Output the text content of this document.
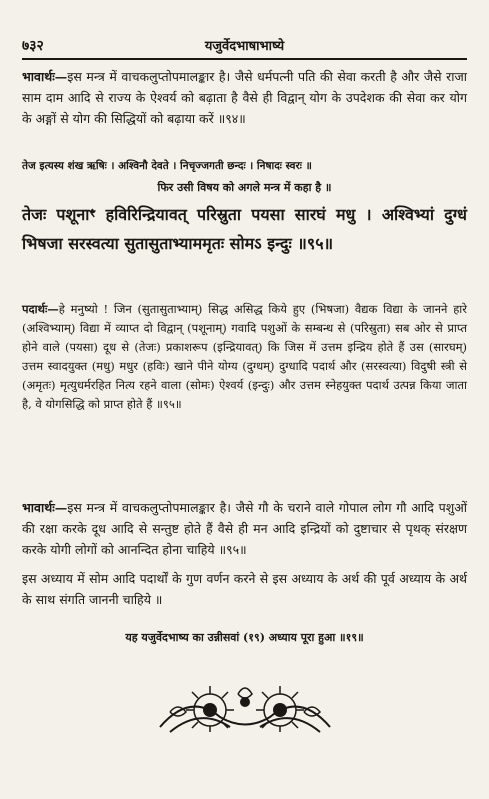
७३२	यजुर्वेदभाषाभाष्ये

भावार्थः—इस मन्त्र में वाचकलुप्तोपमालङ्कार है। जैसे धर्मपत्नी पति की सेवा करती है और जैसे राजा साम दाम आदि से राज्य के ऐश्वर्य को बढ़ाता है वैसे ही विद्वान् योग के उपदेशक की सेवा कर योग के अङ्गों से योग की सिद्धियों को बढ़ाया करें ॥९४॥

तेज इत्यस्य शंख ऋषिः । अश्विनौ देवते । निचृज्जगती छन्दः । निषादः स्वरः ॥
फिर उसी विषय को अगले मन्त्र में कहा है ॥

तेजः पशूनाꣳ हविरिन्द्रियावत् परिस्रुता पयसा सारघं मधु । अश्विभ्यां दुग्धं भिषजा सरस्वत्या सुतासुताभ्याममृतः सोमऽ इन्दुः ॥९५॥

पदार्थः—हे मनुष्यो ! जिन (सुतासुताभ्याम्) सिद्ध असिद्ध किये हुए (भिषजा) वैद्यक विद्या के जानने हारे (अश्विभ्याम्) विद्या में व्याप्त दो विद्वान् (पशूनाम्) गवादि पशुओं के सम्बन्ध से (परिस्रुता) सब ओर से प्राप्त होने वाले (पयसा) दूध से (तेजः) प्रकाशरूप (इन्द्रियावत्) कि जिस में उत्तम इन्द्रिय होते हैं उस (सारघम्) उत्तम स्वादयुक्त (मधु) मधुर (हविः) खाने पीने योग्य (दुग्धम्) दुग्धादि पदार्थ और (सरस्वत्या) विदुषी स्त्री से (अमृतः) मृत्युधर्मरहित नित्य रहने वाला (सोमः) ऐश्वर्य (इन्दुः) और उत्तम स्नेहयुक्त पदार्थ उत्पन्न किया जाता है, वे योगसिद्धि को प्राप्त होते हैं ॥९५॥

भावार्थः—इस मन्त्र में वाचकलुप्तोपमालङ्कार है। जैसे गौ के चराने वाले गोपाल लोग गौ आदि पशुओं की रक्षा करके दूध आदि से सन्तुष्ट होते हैं वैसे ही मन आदि इन्द्रियों को दुष्टाचार से पृथक् संरक्षण करके योगी लोगों को आनन्दित होना चाहिये ॥९५॥

इस अध्याय में सोम आदि पदार्थों के गुण वर्णन करने से इस अध्याय के अर्थ की पूर्व अध्याय के अर्थ के साथ संगति जाननी चाहिये ॥

यह यजुर्वेदभाष्य का उन्नीसवां (१९) अध्याय पूरा हुआ ॥१९॥
